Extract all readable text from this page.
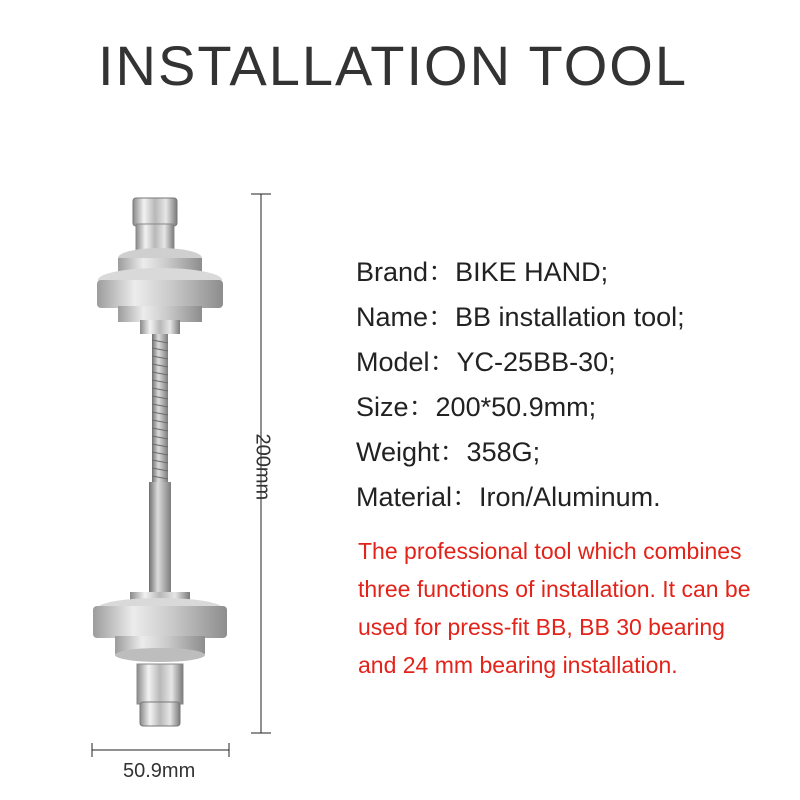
INSTALLATION TOOL
200mm
50.9mm
Brand：BIKE HAND;
Name：BB installation tool;
Model：YC-25BB-30;
Size：200*50.9mm;
Weight：358G;
Material：Iron/Aluminum.
The professional tool which combines three functions of installation. It can be used for press-fit BB, BB 30 bearing and 24 mm bearing installation.
